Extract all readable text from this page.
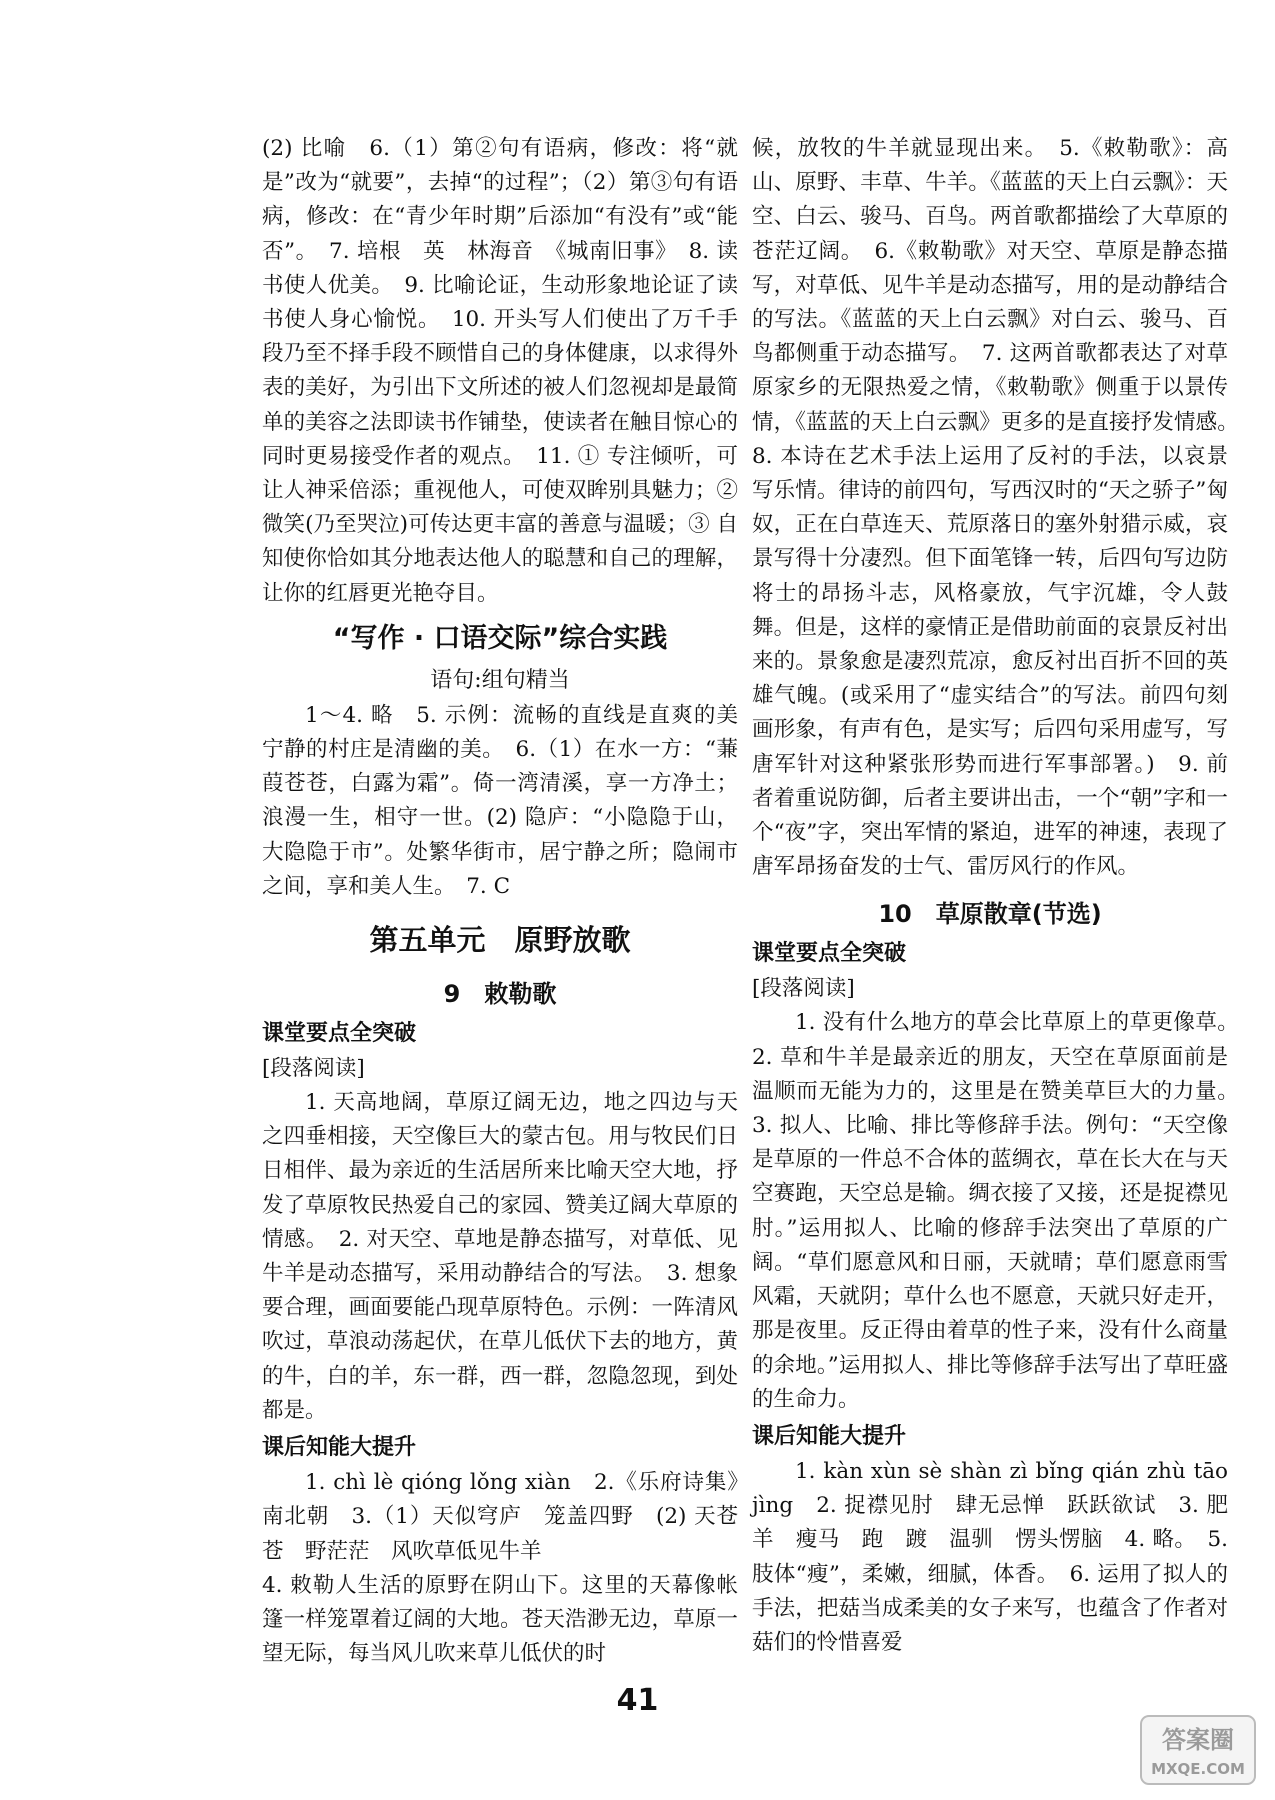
(2) 比喻　6.（1）第②句有语病，修改：将“就是”改为“就要”，去掉“的过程”；（2）第③句有语病，修改：在“青少年时期”后添加“有没有”或“能否”。　7. 培根　英　林海音　《城南旧事》　8. 读书使人优美。　9. 比喻论证，生动形象地论证了读书使人身心愉悦。　10. 开头写人们使出了万千手段乃至不择手段不顾惜自己的身体健康，以求得外表的美好，为引出下文所述的被人们忽视却是最简单的美容之法即读书作铺垫，使读者在触目惊心的同时更易接受作者的观点。　11. ① 专注倾听，可让人神采倍添；重视他人，可使双眸别具魅力；② 微笑(乃至哭泣)可传达更丰富的善意与温暖；③ 自知使你恰如其分地表达他人的聪慧和自己的理解，让你的红唇更光艳夺目。

“写作 · 口语交际”综合实践

语句:组句精当

1～4. 略　5. 示例：流畅的直线是直爽的美　宁静的村庄是清幽的美。　6.（1）在水一方：“蒹葭苍苍，白露为霜”。倚一湾清溪，享一方净土；浪漫一生，相守一世。(2) 隐庐：“小隐隐于山，大隐隐于市”。处繁华街市，居宁静之所；隐闹市之间，享和美人生。　7. C

第五单元　原野放歌

9　敕勒歌

课堂要点全突破

[段落阅读]

1. 天高地阔，草原辽阔无边，地之四边与天之四垂相接，天空像巨大的蒙古包。用与牧民们日日相伴、最为亲近的生活居所来比喻天空大地，抒发了草原牧民热爱自己的家园、赞美辽阔大草原的情感。　2. 对天空、草地是静态描写，对草低、见牛羊是动态描写，采用动静结合的写法。　3. 想象要合理，画面要能凸现草原特色。示例：一阵清风吹过，草浪动荡起伏，在草儿低伏下去的地方，黄的牛，白的羊，东一群，西一群，忽隐忽现，到处都是。

课后知能大提升

1. chì lè qióng lǒng xiàn　2.《乐府诗集》　南北朝　3.（1）天似穹庐　笼盖四野　(2) 天苍苍　野茫茫　风吹草低见牛羊

4. 敕勒人生活的原野在阴山下。这里的天幕像帐篷一样笼罩着辽阔的大地。苍天浩渺无边，草原一望无际，每当风儿吹来草儿低伏的时

候，放牧的牛羊就显现出来。　5.《敕勒歌》：高山、原野、丰草、牛羊。《蓝蓝的天上白云飘》：天空、白云、骏马、百鸟。两首歌都描绘了大草原的苍茫辽阔。　6.《敕勒歌》对天空、草原是静态描写，对草低、见牛羊是动态描写，用的是动静结合的写法。《蓝蓝的天上白云飘》对白云、骏马、百鸟都侧重于动态描写。　7. 这两首歌都表达了对草原家乡的无限热爱之情，《敕勒歌》侧重于以景传情，《蓝蓝的天上白云飘》更多的是直接抒发情感。　8. 本诗在艺术手法上运用了反衬的手法，以哀景写乐情。律诗的前四句，写西汉时的“天之骄子”匈奴，正在白草连天、荒原落日的塞外射猎示威，哀景写得十分凄烈。但下面笔锋一转，后四句写边防将士的昂扬斗志，风格豪放，气宇沉雄，令人鼓舞。但是，这样的豪情正是借助前面的哀景反衬出来的。景象愈是凄烈荒凉，愈反衬出百折不回的英雄气魄。(或采用了“虚实结合”的写法。前四句刻画形象，有声有色，是实写；后四句采用虚写，写唐军针对这种紧张形势而进行军事部署。)　9. 前者着重说防御，后者主要讲出击，一个“朝”字和一个“夜”字，突出军情的紧迫，进军的神速，表现了唐军昂扬奋发的士气、雷厉风行的作风。

10　草原散章(节选)

课堂要点全突破

[段落阅读]

1. 没有什么地方的草会比草原上的草更像草。　2. 草和牛羊是最亲近的朋友，天空在草原面前是温顺而无能为力的，这里是在赞美草巨大的力量。　3. 拟人、比喻、排比等修辞手法。例句：“天空像是草原的一件总不合体的蓝绸衣，草在长大在与天空赛跑，天空总是输。绸衣接了又接，还是捉襟见肘。”运用拟人、比喻的修辞手法突出了草原的广阔。“草们愿意风和日丽，天就晴；草们愿意雨雪风霜，天就阴；草什么也不愿意，天就只好走开，那是夜里。反正得由着草的性子来，没有什么商量的余地。”运用拟人、排比等修辞手法写出了草旺盛的生命力。

课后知能大提升

1. kàn xùn sè shàn zì bǐng qián zhù tāo jìng　2. 捉襟见肘　肆无忌惮　跃跃欲试　3. 肥羊　瘦马　跑　踱　温驯　愣头愣脑　4. 略。　5. 肢体“瘦”，柔嫩，细腻，体香。　6. 运用了拟人的手法，把菇当成柔美的女子来写，也蕴含了作者对菇们的怜惜喜爱

41
答案圈
MXQE.COM
